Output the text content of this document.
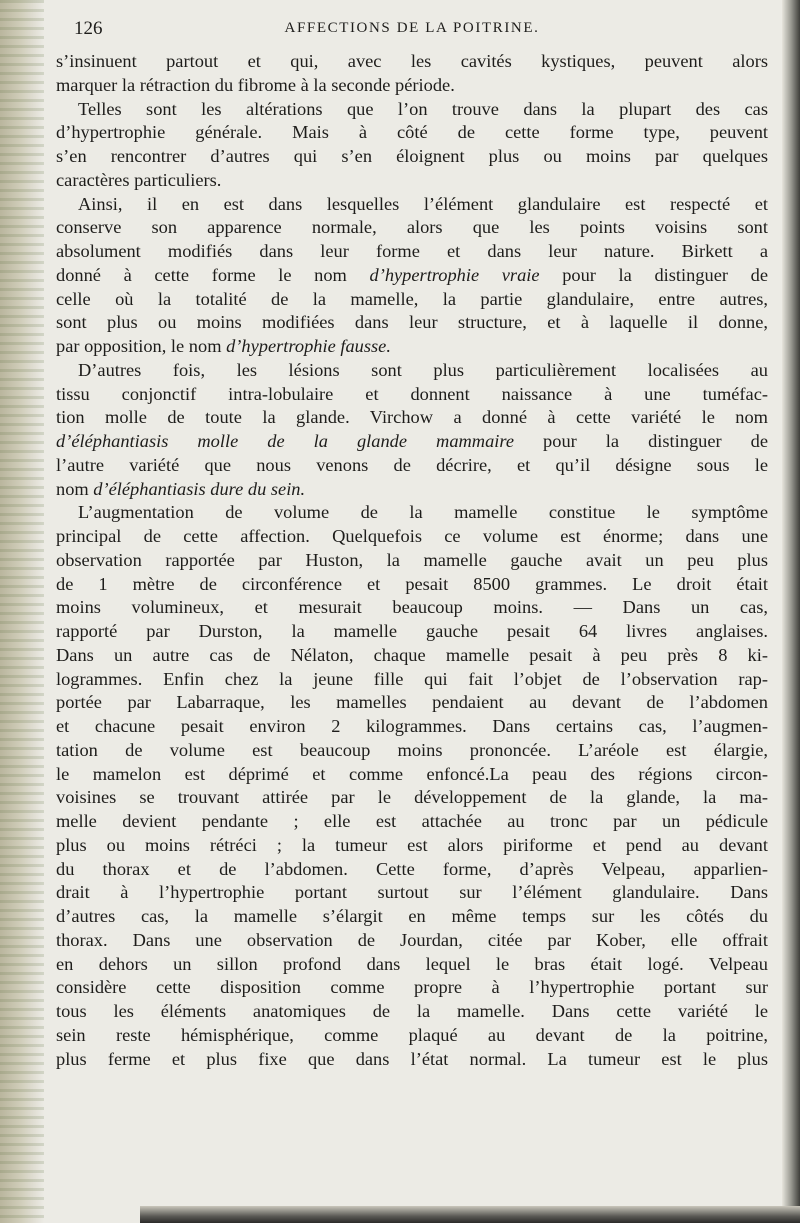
126	AFFECTIONS DE LA POITRINE.
s’insinuent partout et qui, avec les cavités kystiques, peuvent alors
marquer la rétraction du fibrome à la seconde période.
Telles sont les altérations que l’on trouve dans la plupart des cas
d’hypertrophie générale. Mais à côté de cette forme type, peuvent
s’en rencontrer d’autres qui s’en éloignent plus ou moins par quelques
caractères particuliers.
Ainsi, il en est dans lesquelles l’élément glandulaire est respecté et
conserve son apparence normale, alors que les points voisins sont
absolument modifiés dans leur forme et dans leur nature. Birkett a
donné à cette forme le nom d’hypertrophie vraie pour la distinguer de
celle où la totalité de la mamelle, la partie glandulaire, entre autres,
sont plus ou moins modifiées dans leur structure, et à laquelle il donne,
par opposition, le nom d’hypertrophie fausse.
D’autres fois, les lésions sont plus particulièrement localisées au
tissu conjonctif intra-lobulaire et donnent naissance à une tuméfac-
tion molle de toute la glande. Virchow a donné à cette variété le nom
d’éléphantiasis molle de la glande mammaire pour la distinguer de
l’autre variété que nous venons de décrire, et qu’il désigne sous le
nom d’éléphantiasis dure du sein.
L’augmentation de volume de la mamelle constitue le symptôme
principal de cette affection. Quelquefois ce volume est énorme; dans une
observation rapportée par Huston, la mamelle gauche avait un peu plus
de 1 mètre de circonférence et pesait 8500 grammes. Le droit était
moins volumineux, et mesurait beaucoup moins. — Dans un cas,
rapporté par Durston, la mamelle gauche pesait 64 livres anglaises.
Dans un autre cas de Nélaton, chaque mamelle pesait à peu près 8 ki-
logrammes. Enfin chez la jeune fille qui fait l’objet de l’observation rap-
portée par Labarraque, les mamelles pendaient au devant de l’abdomen
et chacune pesait environ 2 kilogrammes. Dans certains cas, l’augmen-
tation de volume est beaucoup moins prononcée. L’aréole est élargie,
le mamelon est déprimé et comme enfoncé.La peau des régions circon-
voisines se trouvant attirée par le développement de la glande, la ma-
melle devient pendante ; elle est attachée au tronc par un pédicule
plus ou moins rétréci ; la tumeur est alors piriforme et pend au devant
du thorax et de l’abdomen. Cette forme, d’après Velpeau, apparlien-
drait à l’hypertrophie portant surtout sur l’élément glandulaire. Dans
d’autres cas, la mamelle s’élargit en même temps sur les côtés du
thorax. Dans une observation de Jourdan, citée par Kober, elle offrait
en dehors un sillon profond dans lequel le bras était logé. Velpeau
considère cette disposition comme propre à l’hypertrophie portant sur
tous les éléments anatomiques de la mamelle. Dans cette variété le
sein reste hémisphérique, comme plaqué au devant de la poitrine,
plus ferme et plus fixe que dans l’état normal. La tumeur est le plus
